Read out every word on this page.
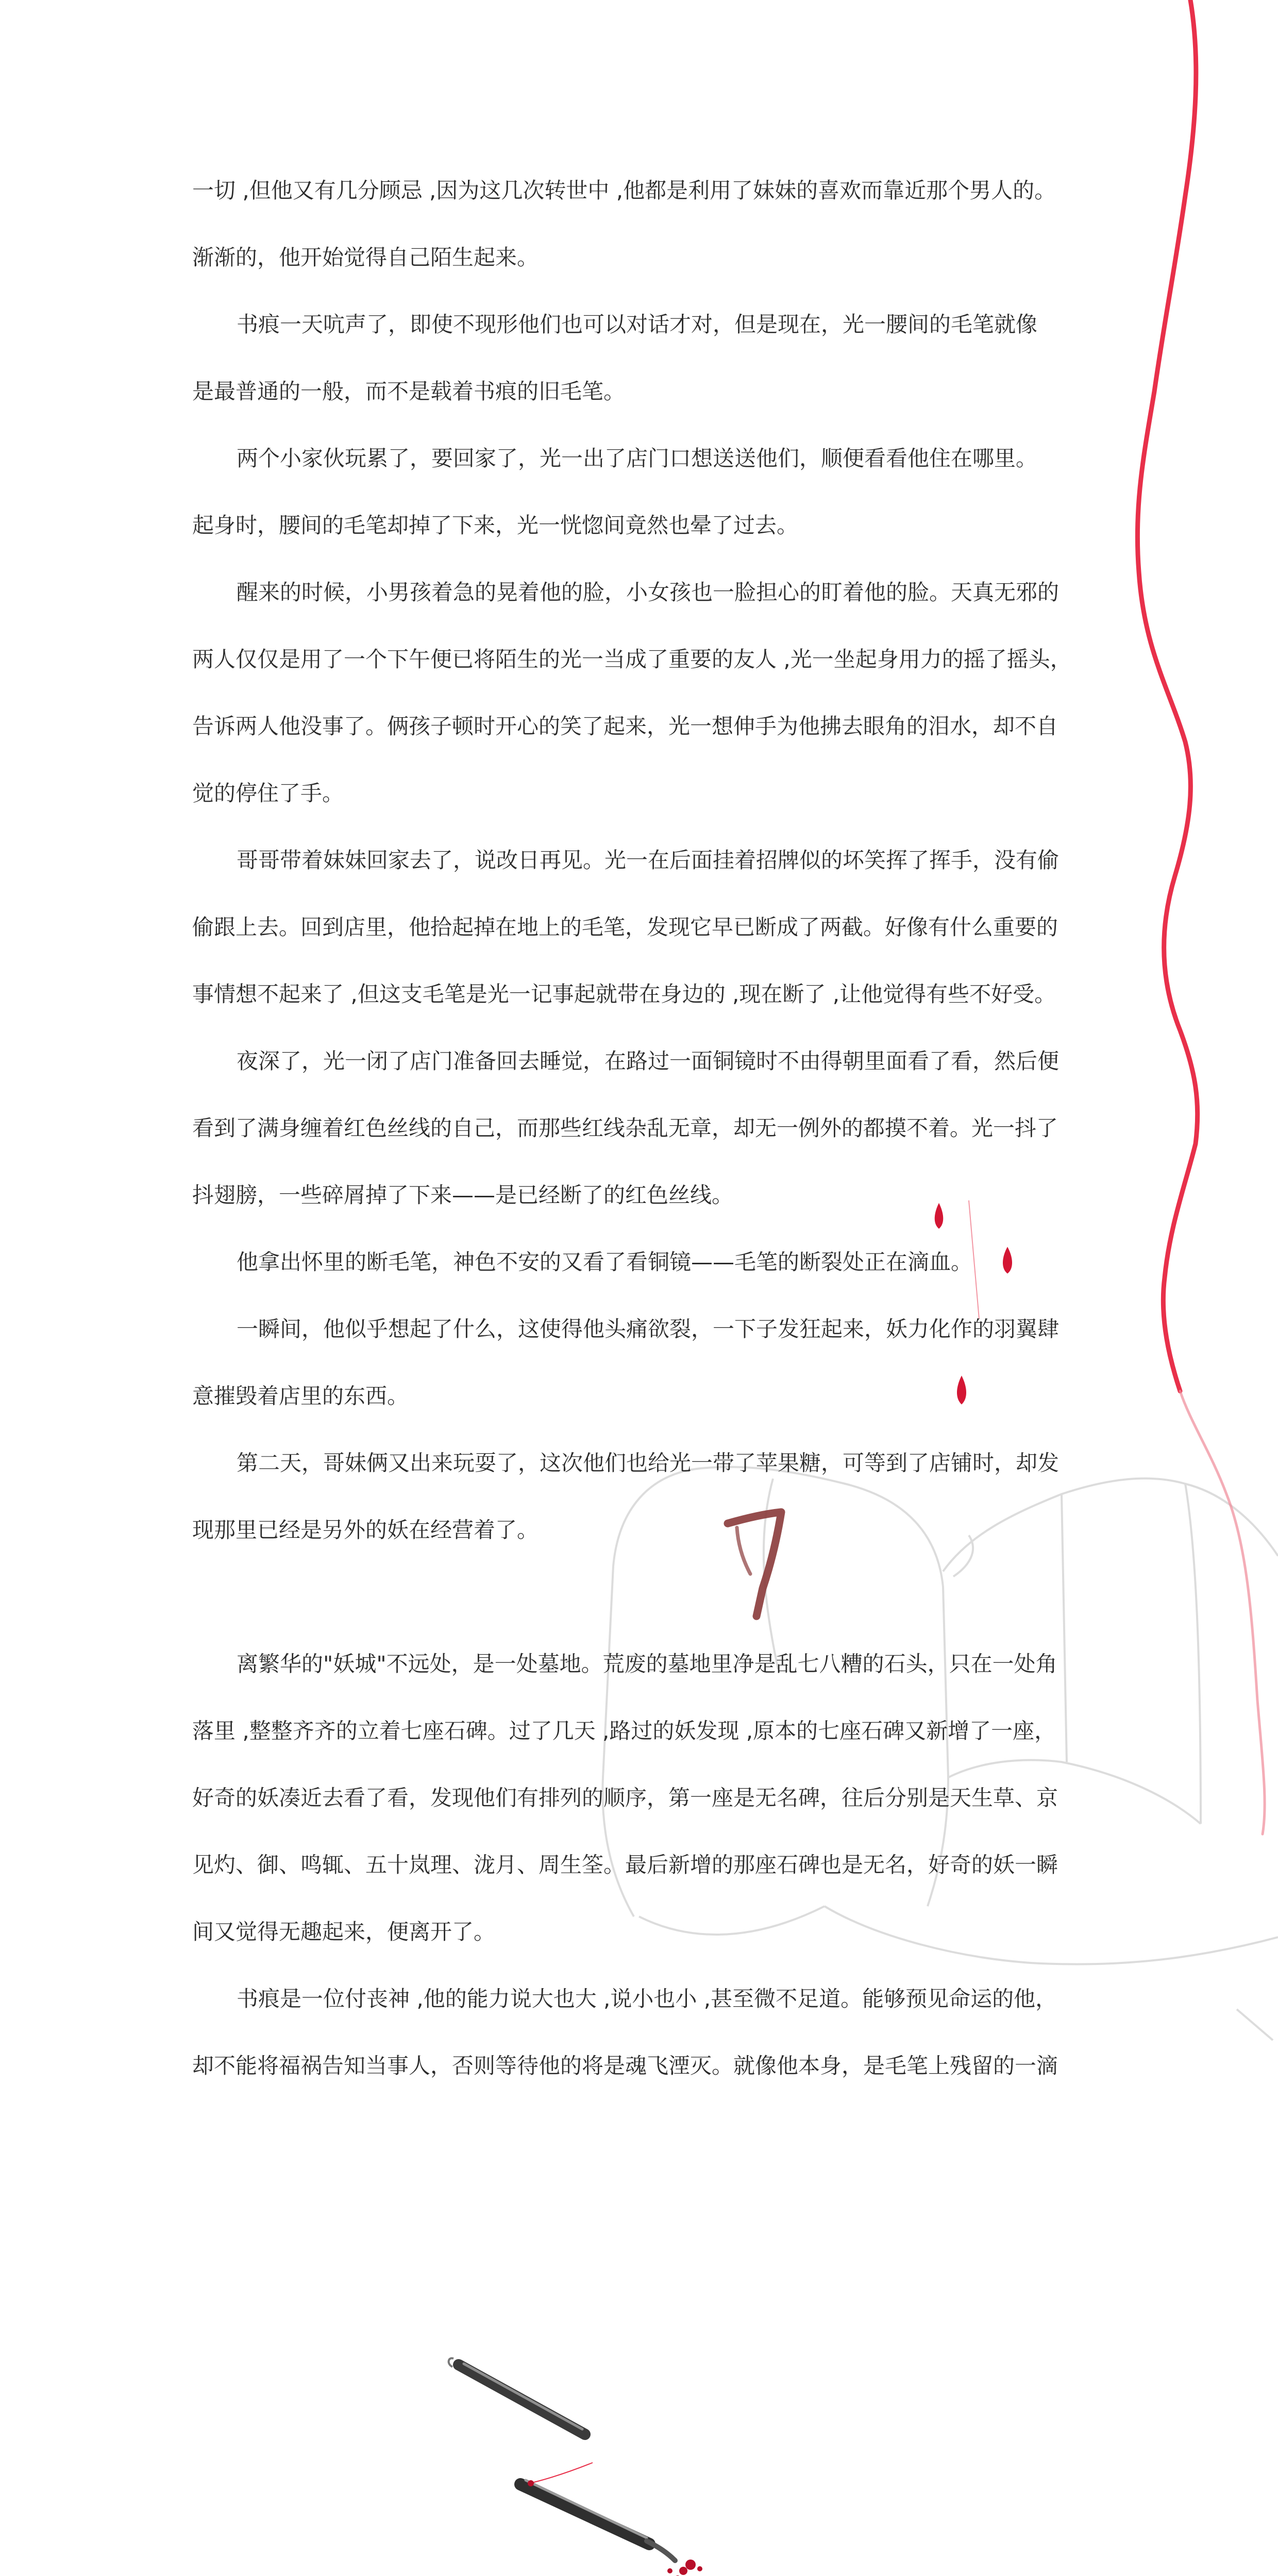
一切 ,但他又有几分顾忌 ,因为这几次转世中 ,他都是利用了妹妹的喜欢而靠近那个男人的。
渐渐的，他开始觉得自己陌生起来。
书痕一天吭声了，即使不现形他们也可以对话才对，但是现在，光一腰间的毛笔就像
是最普通的一般，而不是载着书痕的旧毛笔。
两个小家伙玩累了，要回家了，光一出了店门口想送送他们，顺便看看他住在哪里。
起身时，腰间的毛笔却掉了下来，光一恍惚间竟然也晕了过去。
醒来的时候，小男孩着急的晃着他的脸，小女孩也一脸担心的盯着他的脸。天真无邪的
两人仅仅是用了一个下午便已将陌生的光一当成了重要的友人 ,光一坐起身用力的摇了摇头，
告诉两人他没事了。俩孩子顿时开心的笑了起来，光一想伸手为他拂去眼角的泪水，却不自
觉的停住了手。
哥哥带着妹妹回家去了，说改日再见。光一在后面挂着招牌似的坏笑挥了挥手，没有偷
偷跟上去。回到店里，他拾起掉在地上的毛笔，发现它早已断成了两截。好像有什么重要的
事情想不起来了 ,但这支毛笔是光一记事起就带在身边的 ,现在断了 ,让他觉得有些不好受。
夜深了，光一闭了店门准备回去睡觉，在路过一面铜镜时不由得朝里面看了看，然后便
看到了满身缠着红色丝线的自己，而那些红线杂乱无章，却无一例外的都摸不着。光一抖了
抖翅膀，一些碎屑掉了下来——是已经断了的红色丝线。
他拿出怀里的断毛笔，神色不安的又看了看铜镜——毛笔的断裂处正在滴血。
一瞬间，他似乎想起了什么，这使得他头痛欲裂，一下子发狂起来，妖力化作的羽翼肆
意摧毁着店里的东西。
第二天，哥妹俩又出来玩耍了，这次他们也给光一带了苹果糖，可等到了店铺时，却发
现那里已经是另外的妖在经营着了。
7
离繁华的"妖城"不远处，是一处墓地。荒废的墓地里净是乱七八糟的石头，只在一处角
落里 ,整整齐齐的立着七座石碑。过了几天 ,路过的妖发现 ,原本的七座石碑又新增了一座，
好奇的妖凑近去看了看，发现他们有排列的顺序，第一座是无名碑，往后分别是天生草、京
见灼、御、鸣辄、五十岚理、泷月、周生筌。最后新增的那座石碑也是无名，好奇的妖一瞬
间又觉得无趣起来，便离开了。
书痕是一位付丧神 ,他的能力说大也大 ,说小也小 ,甚至微不足道。能够预见命运的他，
却不能将福祸告知当事人，否则等待他的将是魂飞湮灭。就像他本身，是毛笔上残留的一滴
